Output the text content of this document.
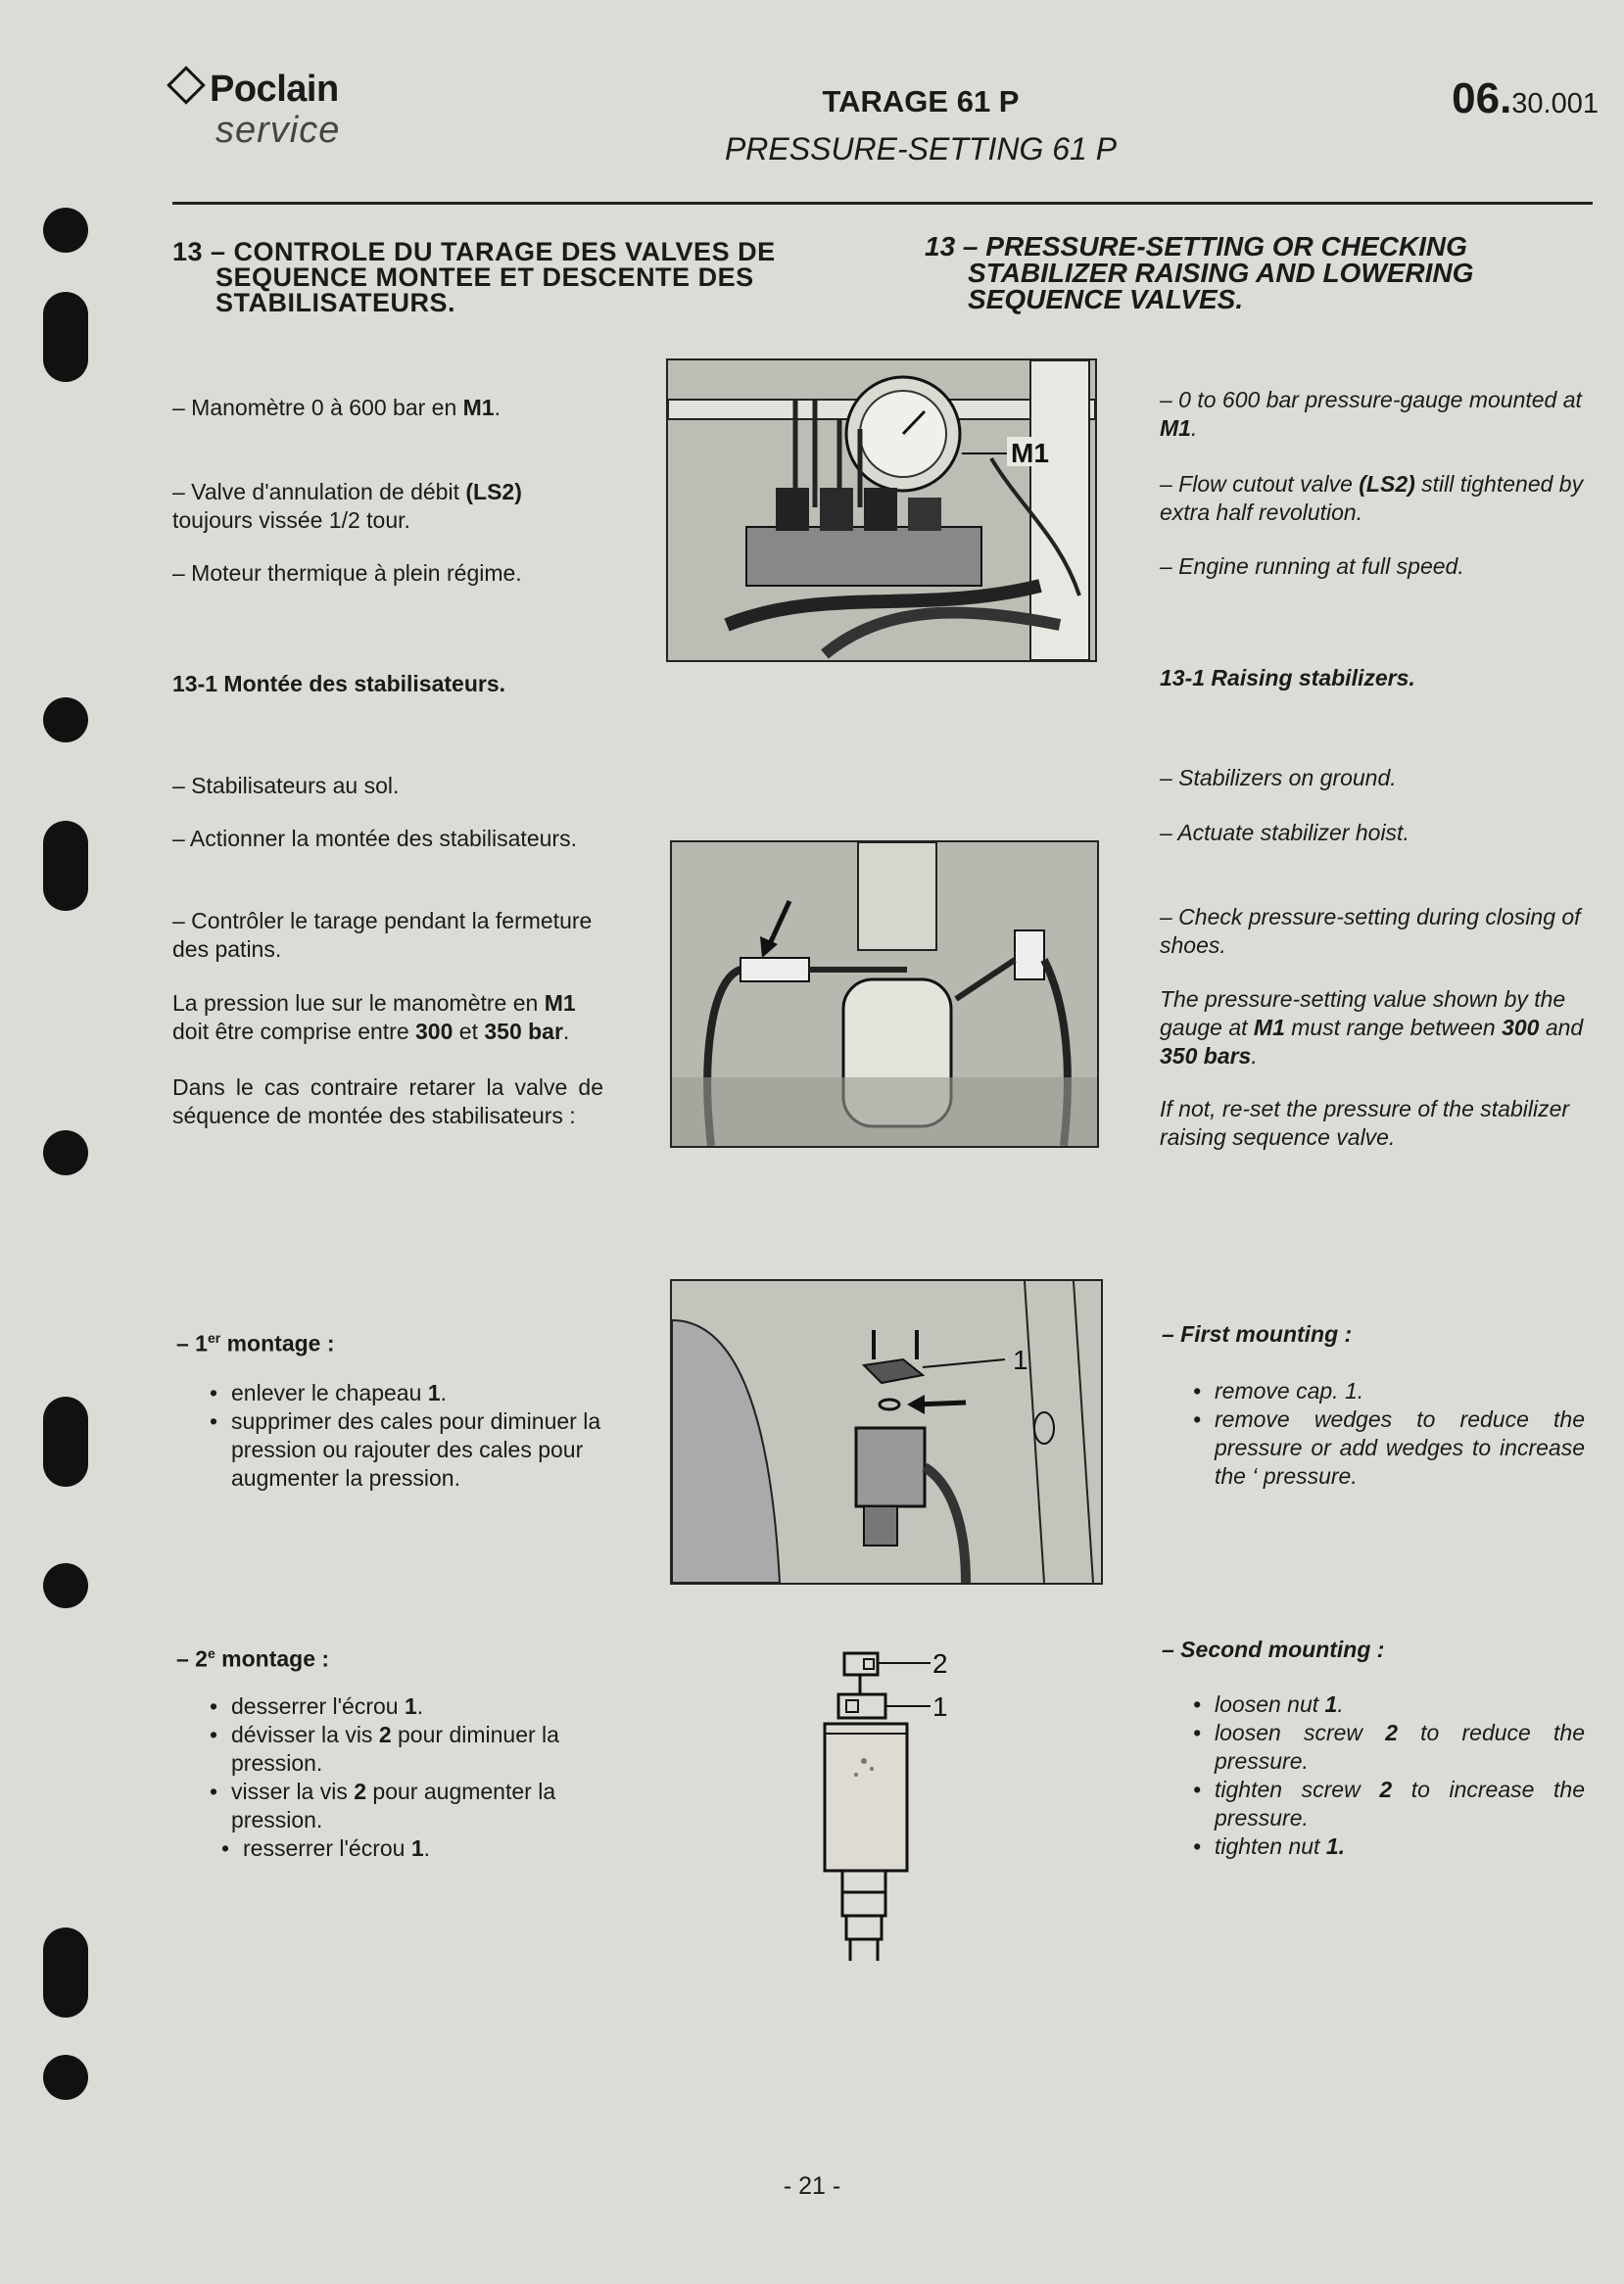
Poclain
service
TARAGE 61 P
PRESSURE-SETTING 61 P
06.30.001
13 – CONTROLE DU TARAGE DES VALVES DE SEQUENCE MONTEE ET DESCENTE DES STABILISATEURS.
13 – PRESSURE-SETTING OR CHECKING STABILIZER RAISING AND LOWERING SEQUENCE VALVES.
– Manomètre 0 à 600 bar en M1.
– Valve d'annulation de débit (LS2) toujours vissée 1/2 tour.
– Moteur thermique à plein régime.
– 0 to 600 bar pressure-gauge mounted at M1.
– Flow cutout valve (LS2) still tightened by extra half revolution.
– Engine running at full speed.
13-1 Montée des stabilisateurs.
– Stabilisateurs au sol.
– Actionner la montée des stabilisateurs.
– Contrôler le tarage pendant la fermeture des patins.
La pression lue sur le manomètre en M1 doit être comprise entre 300 et 350 bar.
Dans le cas contraire retarer la valve de séquence de montée des stabilisateurs :
13-1 Raising stabilizers.
– Stabilizers on ground.
– Actuate stabilizer hoist.
– Check pressure-setting during closing of shoes.
The pressure-setting value shown by the gauge at M1 must range between 300 and 350 bars.
If not, re-set the pressure of the stabilizer raising sequence valve.
– 1er montage :
• enlever le chapeau 1.
• supprimer des cales pour diminuer la pression ou rajouter des cales pour augmenter la pression.
– First mounting :
• remove cap. 1.
• remove wedges to reduce the pressure or add wedges to increase the ‘ pressure.
– 2e montage :
• desserrer l'écrou 1.
• dévisser la vis 2 pour diminuer la pression.
• visser la vis 2 pour augmenter la pression.
• resserrer l'écrou 1.
– Second mounting :
• loosen nut 1.
• loosen screw 2 to reduce the pressure.
• tighten screw 2 to increase the pressure.
• tighten nut 1.
M1
1
2
1
- 21 -
